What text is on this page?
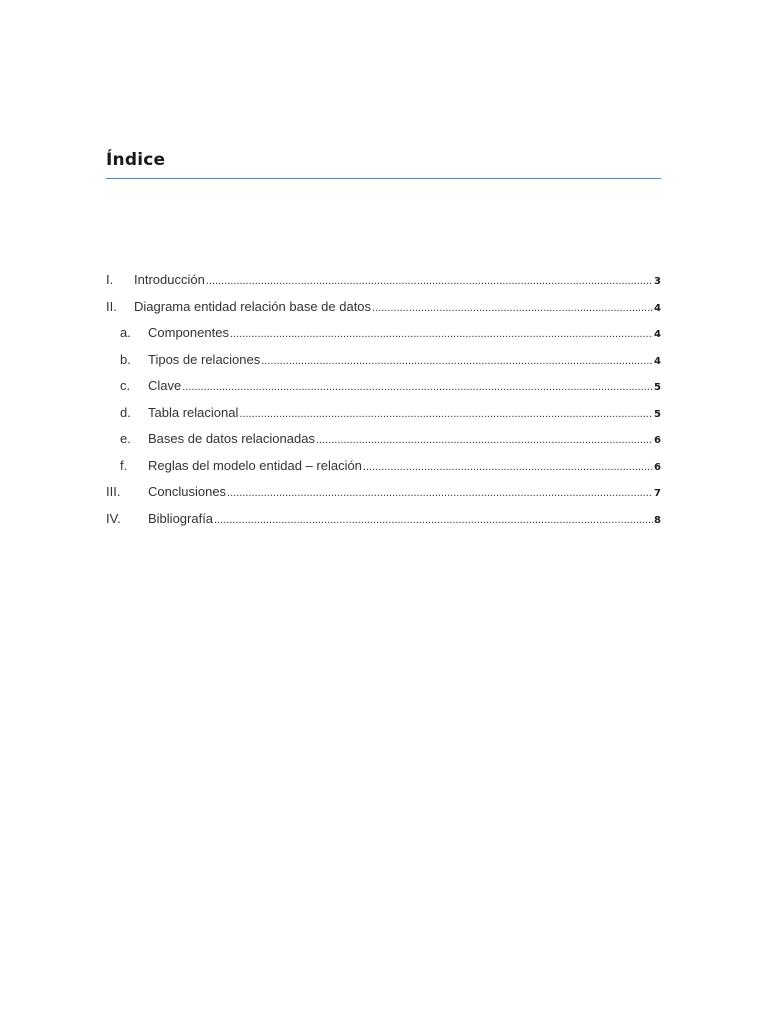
Índice
I.	Introducción .....	3
II.	Diagrama entidad relación base de datos .....	4
a.	Componentes .....	4
b.	Tipos de relaciones .....	4
c.	Clave .....	5
d.	Tabla relacional .....	5
e.	Bases de datos relacionadas .....	6
f.	Reglas del modelo entidad – relación .....	6
III.	Conclusiones .....	7
IV.	Bibliografía .....	8
